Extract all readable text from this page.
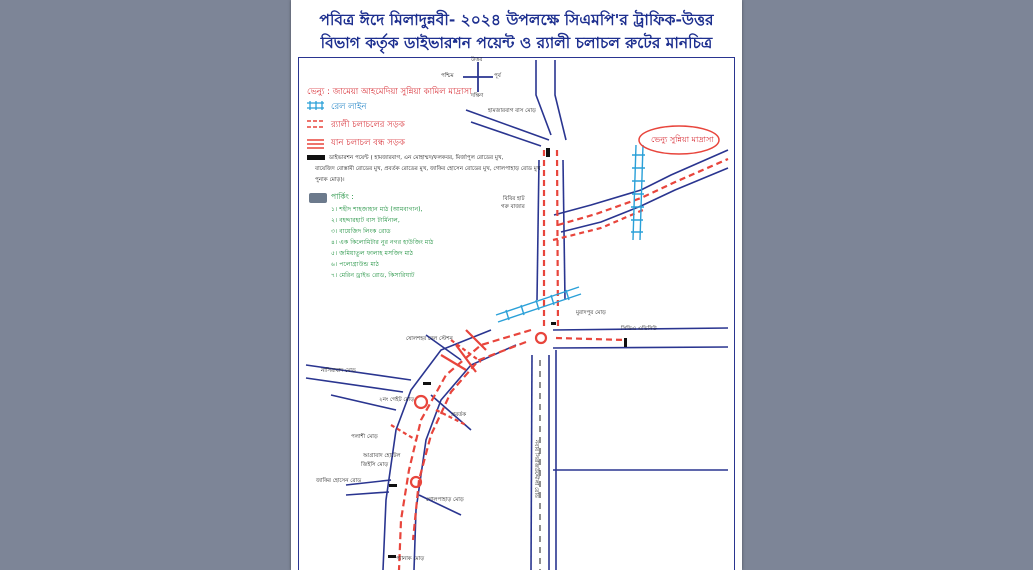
পবিত্র ঈদে মিলাদুন্নবী- ২০২৪ উপলক্ষে সিএমপি'র ট্রাফিক-উত্তর
বিভাগ কর্তৃক ডাইভারশন পয়েন্ট ও র‌্যালী চলাচল রুটের মানচিত্র
উত্তর
দক্ষিণ
পশ্চিম	পূর্ব
ভেন্যু : জামেয়া আহমেদিয়া সুন্নিয়া কামিল মাদ্রাসা
রেল লাইন
র‌্যালী চলাচলের সড়ক
যান চলাচল বন্ধ সড়ক
ডাইভারশন পয়েন্ট ( হামজারবাগ, এন মোহাম্মদ/ফলকবর, মির্জাপুল রোডের মুখ,
বায়েজিদ বোস্তামী রোডের মুখ, প্রবর্তক রোডের মুখ, জাকির হোসেন রোডের মুখ, গোলপাহাড় রোড মুখ
পুনাক মোড়)।
পার্কিং :
১। শহীদ শাহজাহান মাঠ (আমবাগান),
২। বহদ্দারহাট বাস টার্মিনাল,
৩। বায়েজিদ লিংক রোড
৪। এক কিলোমিটার নুর নগর হাউজিং মাঠ
৫। জমিয়াতুল ফালাহ মসজিদ মাঠ
৬। পলোগ্রাউন্ড মাঠ
৭। মেরিন ড্রাইভ রোড, কিসারিঘাট
ভেন্যু সুন্নিয়া মাদ্রাসা
হামজারবাগ বাস মোড়
বিবির হাট
গরু বাজার
মুরাদপুর মোড়
সিডিএ এভিনিউ
ষোলশহর রেল স্টেশন
নাসিরাবাদ মোড়
২নং গেইট মোড়
প্রবর্তক
পলাশী মোড়
জিইসি মোড়
আগ্রাবাদ হোটেল
জাকির হোসেন রোড
গোলপাহাড় মোড়
প্যানাক মোড়
নবাব সিরাজউদ্দৌলা রোড
